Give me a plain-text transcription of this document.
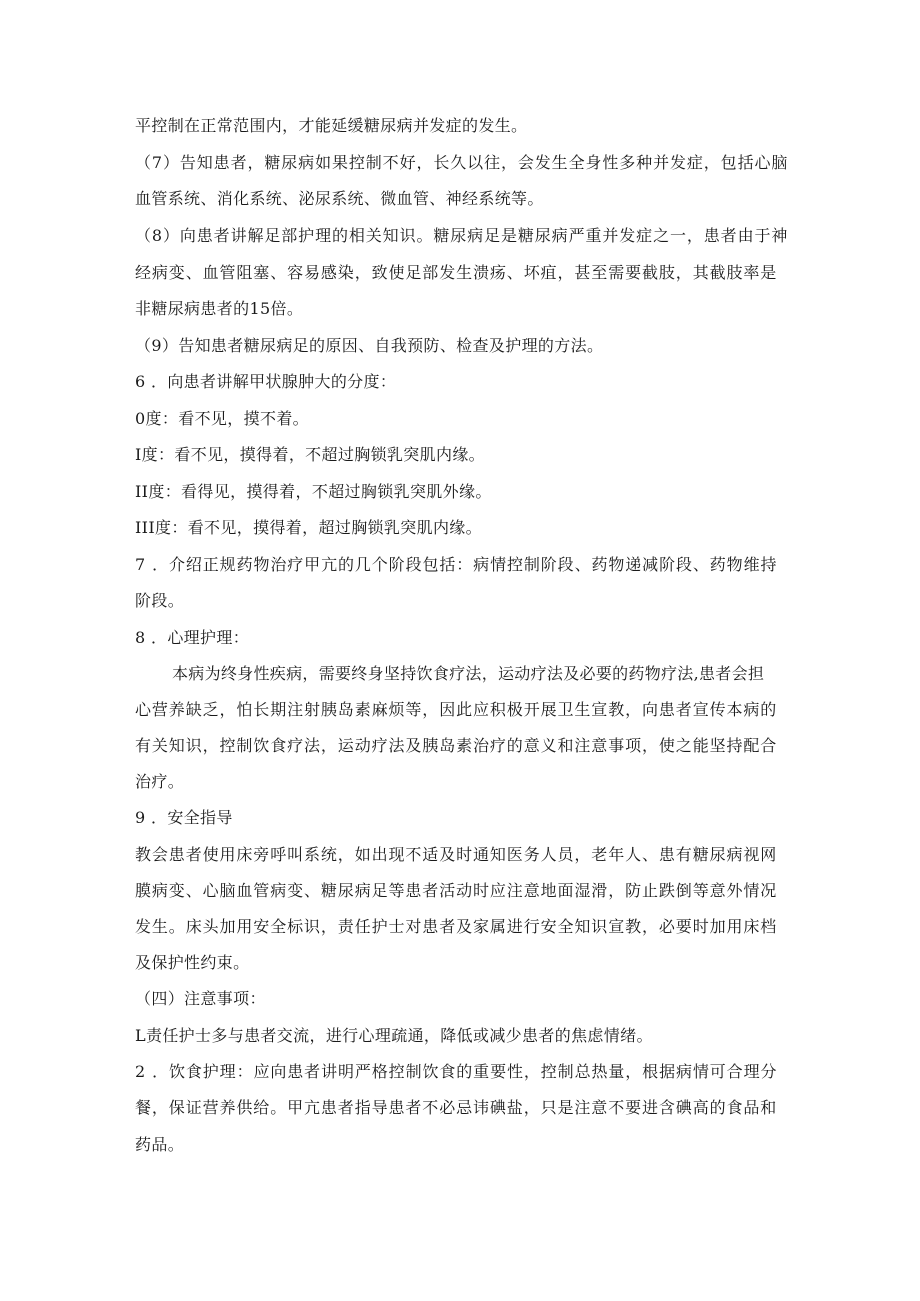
平控制在正常范围内，才能延缓糖尿病并发症的发生。
（7）告知患者，糖尿病如果控制不好，长久以往，会发生全身性多种并发症，包括心脑
血管系统、消化系统、泌尿系统、微血管、神经系统等。
（8）向患者讲解足部护理的相关知识。糖尿病足是糖尿病严重并发症之一，患者由于神
经病变、血管阻塞、容易感染，致使足部发生溃疡、坏疽，甚至需要截肢，其截肢率是
非糖尿病患者的15倍。
（9）告知患者糖尿病足的原因、自我预防、检查及护理的方法。
6 ．向患者讲解甲状腺肿大的分度：
0度：看不见，摸不着。
I度：看不见，摸得着，不超过胸锁乳突肌内缘。
II度：看得见，摸得着，不超过胸锁乳突肌外缘。
III度：看不见，摸得着，超过胸锁乳突肌内缘。
7 ．介绍正规药物治疗甲亢的几个阶段包括：病情控制阶段、药物递减阶段、药物维持
阶段。
8 ．心理护理：
本病为终身性疾病，需要终身坚持饮食疗法，运动疗法及必要的药物疗法,患者会担
心营养缺乏，怕长期注射胰岛素麻烦等，因此应积极开展卫生宣教，向患者宣传本病的
有关知识，控制饮食疗法，运动疗法及胰岛素治疗的意义和注意事项，使之能坚持配合
治疗。
9 ．安全指导
教会患者使用床旁呼叫系统，如出现不适及时通知医务人员，老年人、患有糖尿病视网
膜病变、心脑血管病变、糖尿病足等患者活动时应注意地面湿滑，防止跌倒等意外情况
发生。床头加用安全标识，责任护士对患者及家属进行安全知识宣教，必要时加用床档
及保护性约束。
（四）注意事项：
L责任护士多与患者交流，进行心理疏通，降低或减少患者的焦虑情绪。
2 ．饮食护理：应向患者讲明严格控制饮食的重要性，控制总热量，根据病情可合理分
餐，保证营养供给。甲亢患者指导患者不必忌讳碘盐，只是注意不要进含碘高的食品和
药品。
